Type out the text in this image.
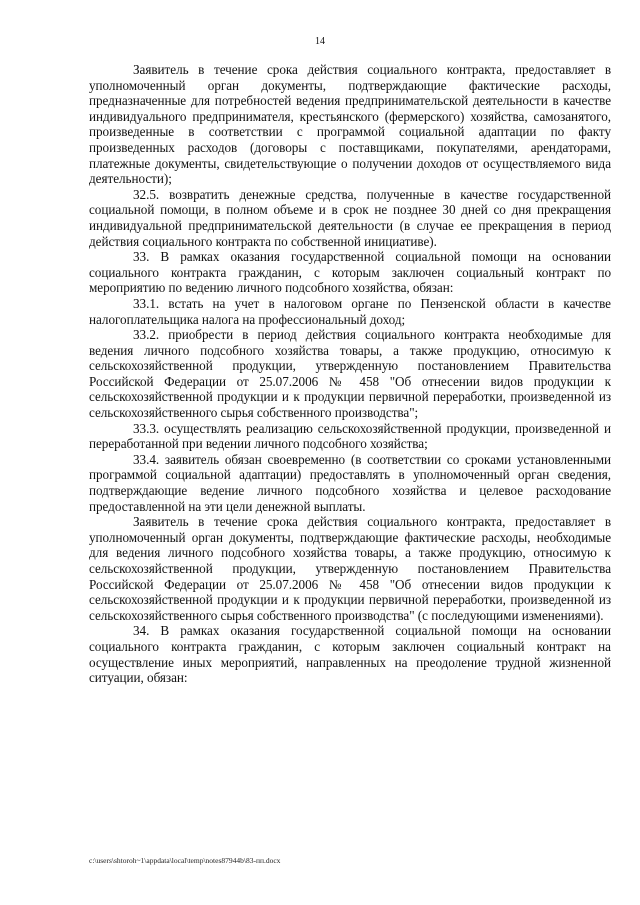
14

Заявитель в течение срока действия социального контракта, предоставляет в уполномоченный орган документы, подтверждающие фактические расходы, предназначенные для потребностей ведения предпринимательской деятельности в качестве индивидуального предпринимателя, крестьянского (фермерского) хозяйства, самозанятого, произведенные в соответствии с программой социальной адаптации по факту произведенных расходов (договоры с поставщиками, покупателями, арендаторами, платежные документы, свидетельствующие о получении доходов от осуществляемого вида деятельности);

32.5. возвратить денежные средства, полученные в качестве государственной социальной помощи, в полном объеме и в срок не позднее 30 дней со дня прекращения индивидуальной предпринимательской деятельности (в случае ее прекращения в период действия социального контракта по собственной инициативе).

33. В рамках оказания государственной социальной помощи на основании социального контракта гражданин, с которым заключен социальный контракт по мероприятию по ведению личного подсобного хозяйства, обязан:

33.1. встать на учет в налоговом органе по Пензенской области в качестве налогоплательщика налога на профессиональный доход;

33.2. приобрести в период действия социального контракта необходимые для ведения личного подсобного хозяйства товары, а также продукцию, относимую к сельскохозяйственной продукции, утвержденную постановлением Правительства Российской Федерации от 25.07.2006 № 458 "Об отнесении видов продукции к сельскохозяйственной продукции и к продукции первичной переработки, произведенной из сельскохозяйственного сырья собственного производства";

33.3. осуществлять реализацию сельскохозяйственной продукции, произведенной и переработанной при ведении личного подсобного хозяйства;

33.4. заявитель обязан своевременно (в соответствии со сроками установленными программой социальной адаптации) предоставлять в уполномоченный орган сведения, подтверждающие ведение личного подсобного хозяйства и целевое расходование предоставленной на эти цели денежной выплаты.

Заявитель в течение срока действия социального контракта, предоставляет в уполномоченный орган документы, подтверждающие фактические расходы, необходимые для ведения личного подсобного хозяйства товары, а также продукцию, относимую к сельскохозяйственной продукции, утвержденную постановлением Правительства Российской Федерации от 25.07.2006 № 458 "Об отнесении видов продукции к сельскохозяйственной продукции и к продукции первичной переработки, произведенной из сельскохозяйственного сырья собственного производства" (с последующими изменениями).

34. В рамках оказания государственной социальной помощи на основании социального контракта гражданин, с которым заключен социальный контракт на осуществление иных мероприятий, направленных на преодоление трудной жизненной ситуации, обязан:

c:\users\shtoroh~1\appdata\local\temp\notes87944b\83-пп.docx
